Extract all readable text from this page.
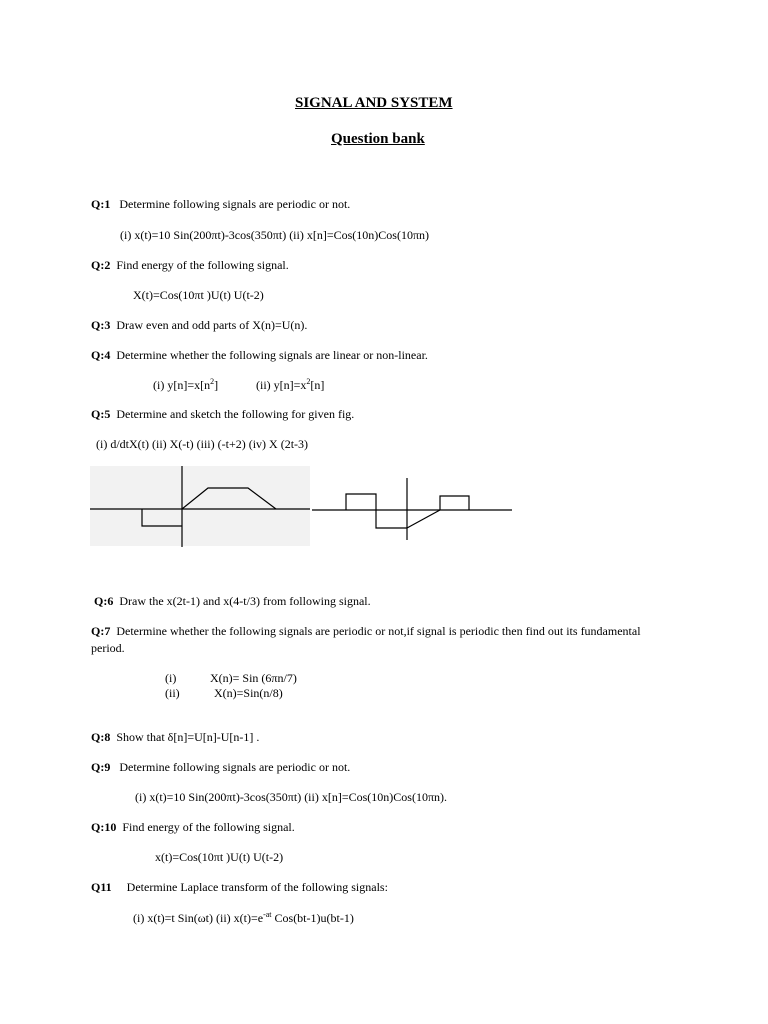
SIGNAL AND SYSTEM
Question bank
Q:1 Determine following signals are periodic or not.
(i) x(t)=10 Sin(200πt)-3cos(350πt) (ii) x[n]=Cos(10n)Cos(10πn)
Q:2 Find energy of the following signal.
X(t)=Cos(10πt )U(t) U(t-2)
Q:3 Draw even and odd parts of X(n)=U(n).
Q:4 Determine whether the following signals are linear or non-linear.
(i) $y[n]=x[n^2]$	(ii) $y[n]=x^2[n]$
Q:5 Determine and sketch the following for given fig.
(i) d/dtX(t) (ii) X(-t) (iii) (-t+2) (iv) X (2t-3)
Q:6 Draw the x(2t-1) and x(4-t/3) from following signal.
Q:7 Determine whether the following signals are periodic or not,if signal is periodic then find out its fundamental
period.
(i)	X(n)= Sin (6πn/7)
(ii)	X(n)=Sin(n/8)
Q:8 Show that δ[n]=U[n]-U[n-1] .
Q:9 Determine following signals are periodic or not.
(i) x(t)=10 Sin(200πt)-3cos(350πt) (ii) x[n]=Cos(10n)Cos(10πn).
Q:10 Find energy of the following signal.
x(t)=Cos(10πt )U(t) U(t-2)
Q11 Determine Laplace transform of the following signals:
(i) x(t)=t Sin(ωt) (ii) $x(t)=e^{-at}$ Cos(bt-1)u(bt-1)
